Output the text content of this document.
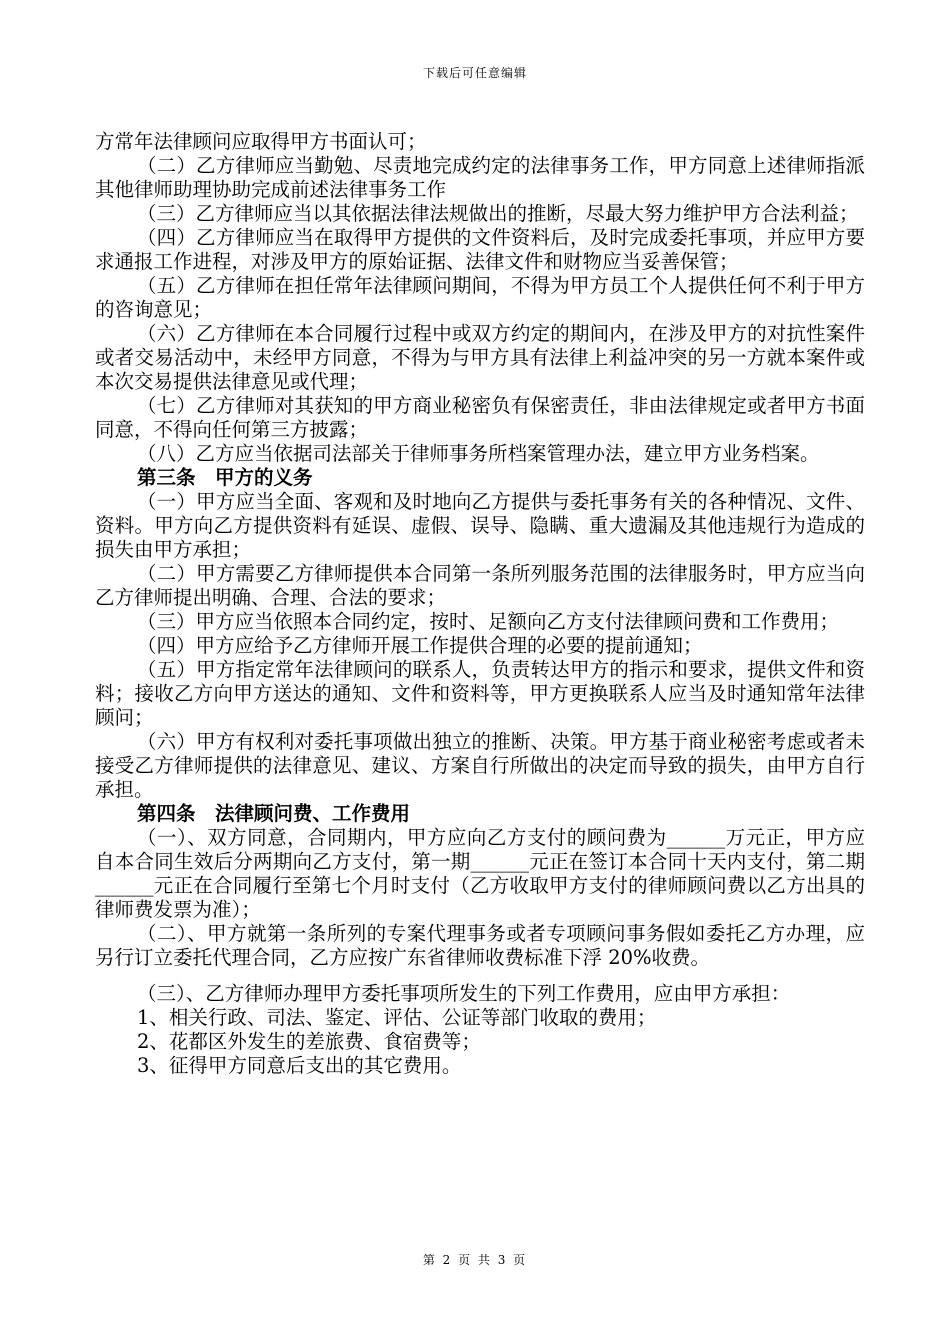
下载后可任意编辑

方常年法律顾问应取得甲方书面认可；

（二）乙方律师应当勤勉、尽责地完成约定的法律事务工作，甲方同意上述律师指派其他律师助理协助完成前述法律事务工作

（三）乙方律师应当以其依据法律法规做出的推断，尽最大努力维护甲方合法利益；

（四）乙方律师应当在取得甲方提供的文件资料后，及时完成委托事项，并应甲方要求通报工作进程，对涉及甲方的原始证据、法律文件和财物应当妥善保管；

（五）乙方律师在担任常年法律顾问期间，不得为甲方员工个人提供任何不利于甲方的咨询意见；

（六）乙方律师在本合同履行过程中或双方约定的期间内，在涉及甲方的对抗性案件或者交易活动中，未经甲方同意，不得为与甲方具有法律上利益冲突的另一方就本案件或本次交易提供法律意见或代理；

（七）乙方律师对其获知的甲方商业秘密负有保密责任，非由法律规定或者甲方书面同意，不得向任何第三方披露；

（八）乙方应当依据司法部关于律师事务所档案管理办法，建立甲方业务档案。

第三条　甲方的义务

（一）甲方应当全面、客观和及时地向乙方提供与委托事务有关的各种情况、文件、资料。甲方向乙方提供资料有延误、虚假、误导、隐瞒、重大遗漏及其他违规行为造成的损失由甲方承担；

（二）甲方需要乙方律师提供本合同第一条所列服务范围的法律服务时，甲方应当向乙方律师提出明确、合理、合法的要求；

（三）甲方应当依照本合同约定，按时、足额向乙方支付法律顾问费和工作费用；

（四）甲方应给予乙方律师开展工作提供合理的必要的提前通知；

（五）甲方指定常年法律顾问的联系人，负责转达甲方的指示和要求，提供文件和资料；接收乙方向甲方送达的通知、文件和资料等，甲方更换联系人应当及时通知常年法律顾问；

（六）甲方有权利对委托事项做出独立的推断、决策。甲方基于商业秘密考虑或者未接受乙方律师提供的法律意见、建议、方案自行所做出的决定而导致的损失，由甲方自行承担。

第四条　法律顾问费、工作费用

（一）、双方同意，合同期内，甲方应向乙方支付的顾问费为______万元正，甲方应自本合同生效后分两期向乙方支付，第一期______元正在签订本合同十天内支付，第二期______元正在合同履行至第七个月时支付（乙方收取甲方支付的律师顾问费以乙方出具的律师费发票为准）；

（二）、甲方就第一条所列的专案代理事务或者专项顾问事务假如委托乙方办理，应另行订立委托代理合同，乙方应按广东省律师收费标准下浮 20%收费。

（三）、乙方律师办理甲方委托事项所发生的下列工作费用，应由甲方承担：

1、相关行政、司法、鉴定、评估、公证等部门收取的费用；

2、花都区外发生的差旅费、食宿费等；

3、征得甲方同意后支出的其它费用。

第 2 页 共 3 页
